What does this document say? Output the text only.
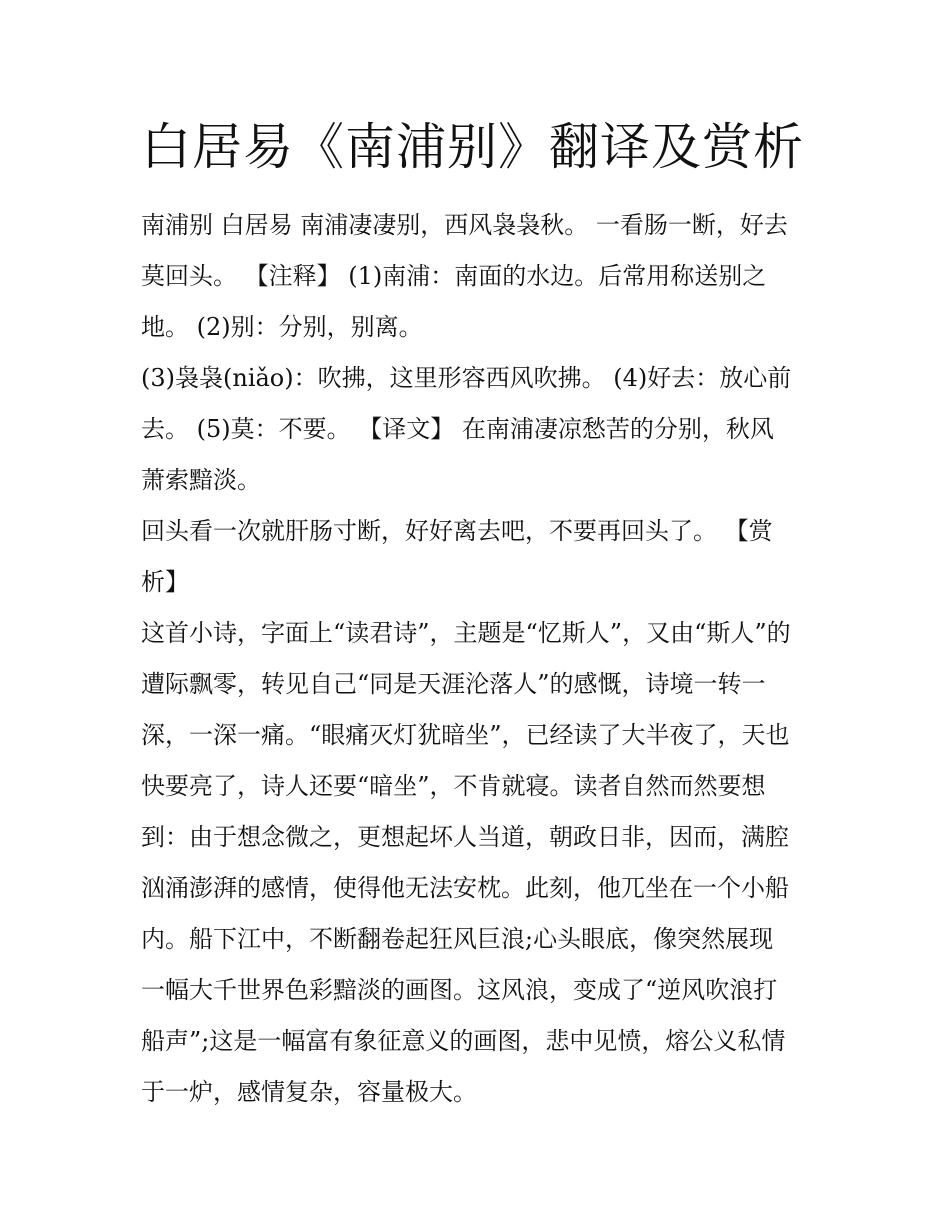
白居易《南浦别》翻译及赏析

南浦别 白居易 南浦凄凄别，西风袅袅秋。 一看肠一断，好去

莫回头。 【注释】 (1)南浦：南面的水边。后常用称送别之

地。 (2)别：分别，别离。

(3)袅袅(niǎo)：吹拂，这里形容西风吹拂。 (4)好去：放心前

去。 (5)莫：不要。 【译文】 在南浦凄凉愁苦的分别，秋风

萧索黯淡。

回头看一次就肝肠寸断，好好离去吧，不要再回头了。 【赏

析】

这首小诗，字面上“读君诗”，主题是“忆斯人”，又由“斯人”的

遭际飘零，转见自己“同是天涯沦落人”的感慨，诗境一转一

深，一深一痛。“眼痛灭灯犹暗坐”，已经读了大半夜了，天也

快要亮了，诗人还要“暗坐”，不肯就寝。读者自然而然要想

到：由于想念微之，更想起坏人当道，朝政日非，因而，满腔

汹涌澎湃的感情，使得他无法安枕。此刻，他兀坐在一个小船

内。船下江中，不断翻卷起狂风巨浪;心头眼底，像突然展现

一幅大千世界色彩黯淡的画图。这风浪，变成了“逆风吹浪打

船声”;这是一幅富有象征意义的画图，悲中见愤，熔公义私情

于一炉，感情复杂，容量极大。
